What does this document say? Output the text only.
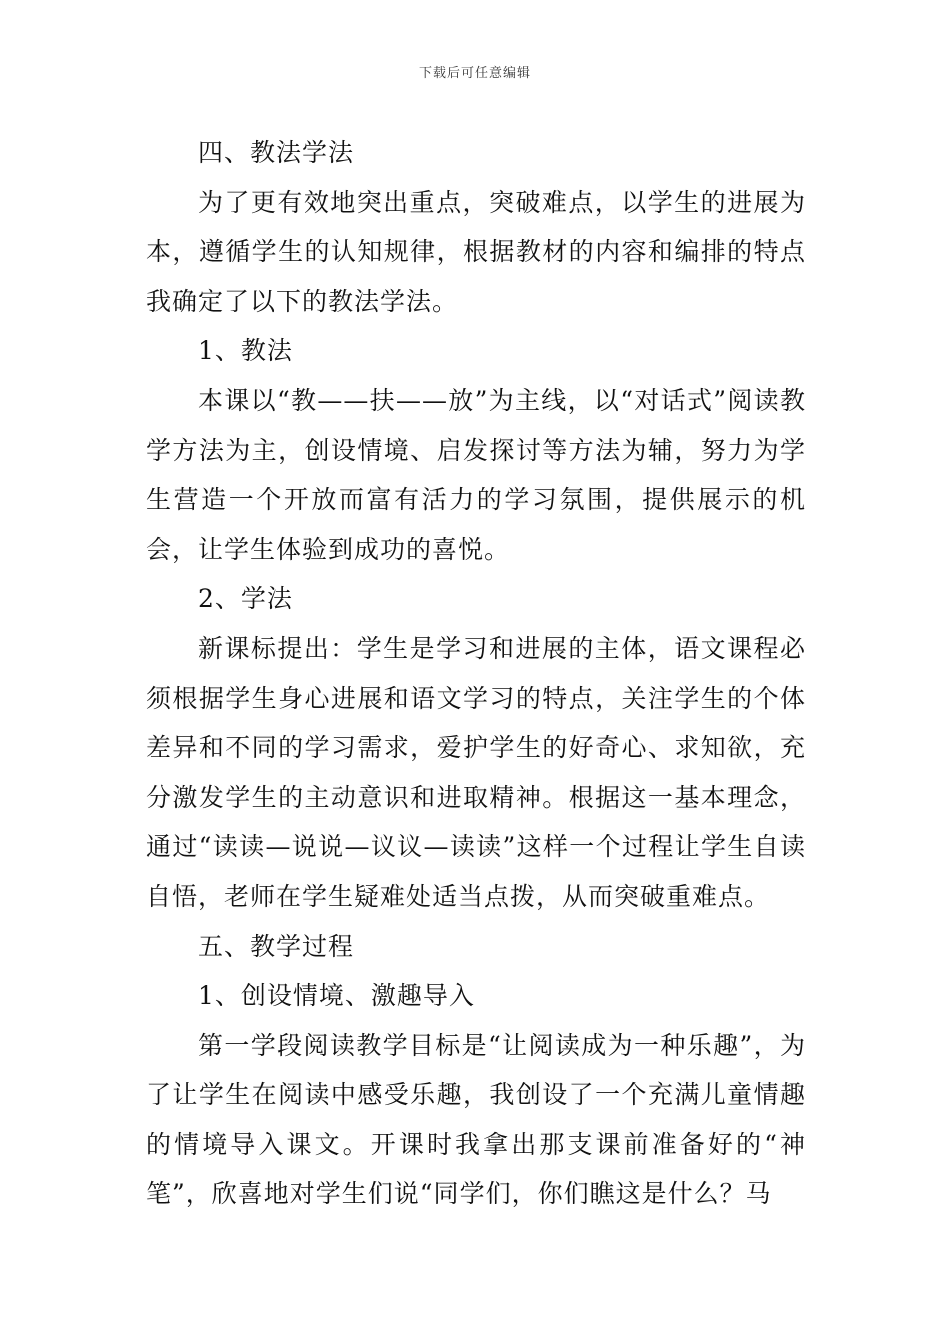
下载后可任意编辑

四、教法学法

为了更有效地突出重点，突破难点，以学生的进展为本，遵循学生的认知规律，根据教材的内容和编排的特点我确定了以下的教法学法。

1、教法

本课以“教——扶——放”为主线，以“对话式”阅读教学方法为主，创设情境、启发探讨等方法为辅，努力为学生营造一个开放而富有活力的学习氛围，提供展示的机会，让学生体验到成功的喜悦。

2、学法

新课标提出：学生是学习和进展的主体，语文课程必须根据学生身心进展和语文学习的特点，关注学生的个体差异和不同的学习需求，爱护学生的好奇心、求知欲，充分激发学生的主动意识和进取精神。根据这一基本理念，通过“读读—说说—议议—读读”这样一个过程让学生自读自悟，老师在学生疑难处适当点拨，从而突破重难点。

五、教学过程

1、创设情境、激趣导入

第一学段阅读教学目标是“让阅读成为一种乐趣”，为了让学生在阅读中感受乐趣，我创设了一个充满儿童情趣的情境导入课文。开课时我拿出那支课前准备好的“神笔”，欣喜地对学生们说“同学们，你们瞧这是什么？马
